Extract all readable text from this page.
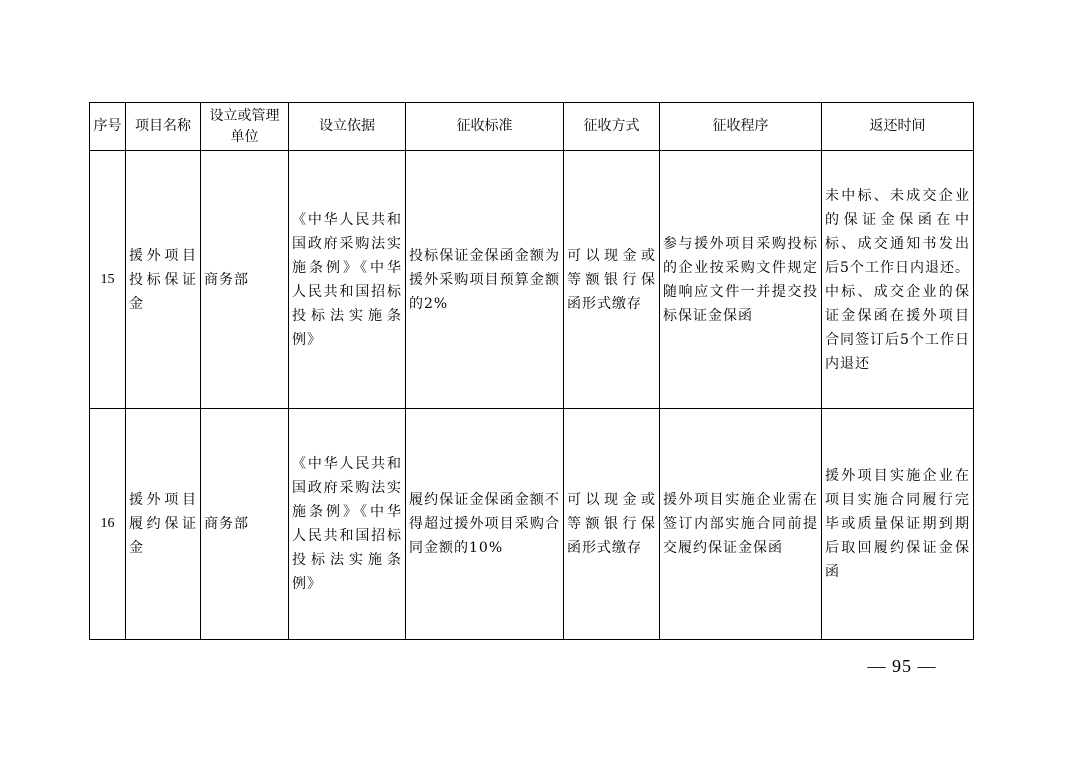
序号	项目名称	设立或管理单位	设立依据	征收标准	征收方式	征收程序	返还时间
15	援外项目投标保证金	商务部	《中华人民共和国政府采购法实施条例》《中华人民共和国招标投标法实施条例》	投标保证金保函金额为援外采购项目预算金额的2%	可以现金或等额银行保函形式缴存	参与援外项目采购投标的企业按采购文件规定随响应文件一并提交投标保证金保函	未中标、未成交企业的保证金保函在中标、成交通知书发出后5个工作日内退还。中标、成交企业的保证金保函在援外项目合同签订后5个工作日内退还
16	援外项目履约保证金	商务部	《中华人民共和国政府采购法实施条例》《中华人民共和国招标投标法实施条例》	履约保证金保函金额不得超过援外项目采购合同金额的10%	可以现金或等额银行保函形式缴存	援外项目实施企业需在签订内部实施合同前提交履约保证金保函	援外项目实施企业在项目实施合同履行完毕或质量保证期到期后取回履约保证金保函
— 95 —
